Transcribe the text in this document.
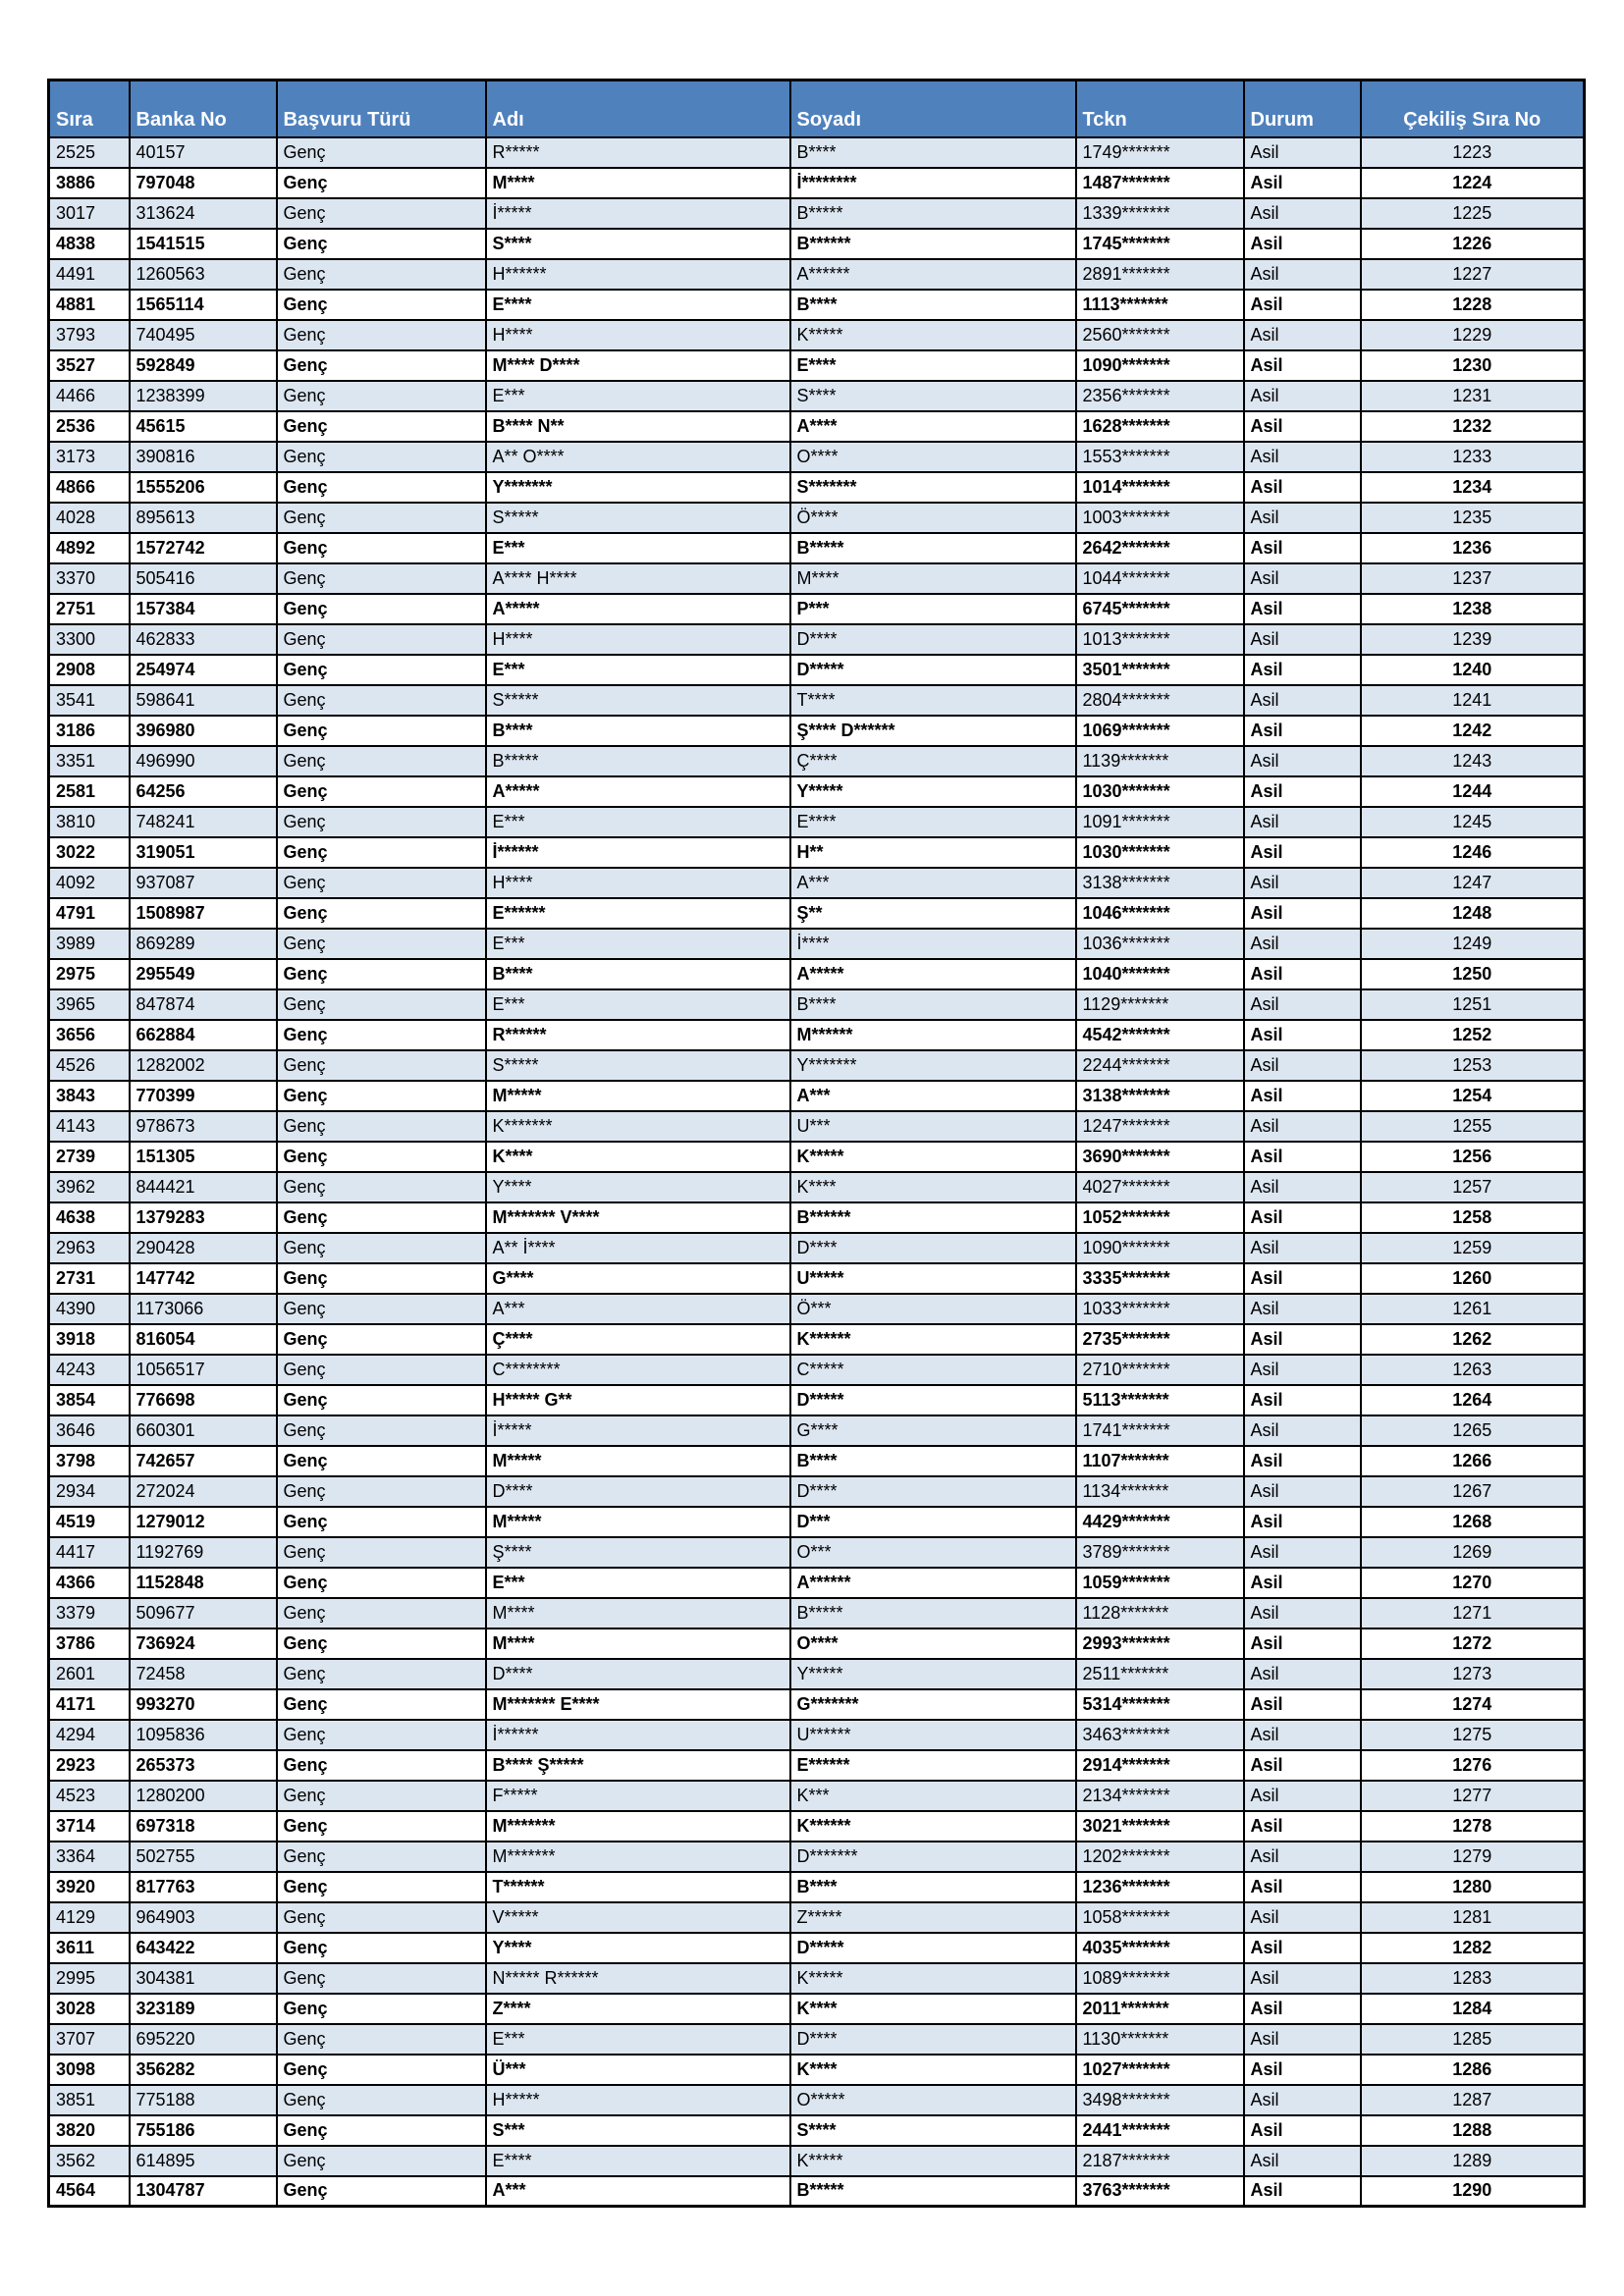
Sıra	Banka No	Başvuru Türü	Adı	Soyadı	Tckn	Durum	Çekiliş Sıra No
2525	40157	Genç	R*****	B****	1749*******	Asil	1223
3886	797048	Genç	M****	İ********	1487*******	Asil	1224
3017	313624	Genç	İ*****	B*****	1339*******	Asil	1225
4838	1541515	Genç	S****	B******	1745*******	Asil	1226
4491	1260563	Genç	H******	A******	2891*******	Asil	1227
4881	1565114	Genç	E****	B****	1113*******	Asil	1228
3793	740495	Genç	H****	K*****	2560*******	Asil	1229
3527	592849	Genç	M**** D****	E****	1090*******	Asil	1230
4466	1238399	Genç	E***	S****	2356*******	Asil	1231
2536	45615	Genç	B**** N**	A****	1628*******	Asil	1232
3173	390816	Genç	A** O****	O****	1553*******	Asil	1233
4866	1555206	Genç	Y*******	S*******	1014*******	Asil	1234
4028	895613	Genç	S*****	Ö****	1003*******	Asil	1235
4892	1572742	Genç	E***	B*****	2642*******	Asil	1236
3370	505416	Genç	A**** H****	M****	1044*******	Asil	1237
2751	157384	Genç	A*****	P***	6745*******	Asil	1238
3300	462833	Genç	H****	D****	1013*******	Asil	1239
2908	254974	Genç	E***	D*****	3501*******	Asil	1240
3541	598641	Genç	S*****	T****	2804*******	Asil	1241
3186	396980	Genç	B****	Ş**** D******	1069*******	Asil	1242
3351	496990	Genç	B*****	Ç****	1139*******	Asil	1243
2581	64256	Genç	A*****	Y*****	1030*******	Asil	1244
3810	748241	Genç	E***	E****	1091*******	Asil	1245
3022	319051	Genç	İ******	H**	1030*******	Asil	1246
4092	937087	Genç	H****	A***	3138*******	Asil	1247
4791	1508987	Genç	E******	Ş**	1046*******	Asil	1248
3989	869289	Genç	E***	İ****	1036*******	Asil	1249
2975	295549	Genç	B****	A*****	1040*******	Asil	1250
3965	847874	Genç	E***	B****	1129*******	Asil	1251
3656	662884	Genç	R******	M******	4542*******	Asil	1252
4526	1282002	Genç	S*****	Y*******	2244*******	Asil	1253
3843	770399	Genç	M*****	A***	3138*******	Asil	1254
4143	978673	Genç	K*******	U***	1247*******	Asil	1255
2739	151305	Genç	K****	K*****	3690*******	Asil	1256
3962	844421	Genç	Y****	K****	4027*******	Asil	1257
4638	1379283	Genç	M******* V****	B******	1052*******	Asil	1258
2963	290428	Genç	A** İ****	D****	1090*******	Asil	1259
2731	147742	Genç	G****	U*****	3335*******	Asil	1260
4390	1173066	Genç	A***	Ö***	1033*******	Asil	1261
3918	816054	Genç	Ç****	K******	2735*******	Asil	1262
4243	1056517	Genç	C********	C*****	2710*******	Asil	1263
3854	776698	Genç	H***** G**	D*****	5113*******	Asil	1264
3646	660301	Genç	İ*****	G****	1741*******	Asil	1265
3798	742657	Genç	M*****	B****	1107*******	Asil	1266
2934	272024	Genç	D****	D****	1134*******	Asil	1267
4519	1279012	Genç	M*****	D***	4429*******	Asil	1268
4417	1192769	Genç	Ş****	O***	3789*******	Asil	1269
4366	1152848	Genç	E***	A******	1059*******	Asil	1270
3379	509677	Genç	M****	B*****	1128*******	Asil	1271
3786	736924	Genç	M****	O****	2993*******	Asil	1272
2601	72458	Genç	D****	Y*****	2511*******	Asil	1273
4171	993270	Genç	M******* E****	G*******	5314*******	Asil	1274
4294	1095836	Genç	İ******	U******	3463*******	Asil	1275
2923	265373	Genç	B**** Ş*****	E******	2914*******	Asil	1276
4523	1280200	Genç	F*****	K***	2134*******	Asil	1277
3714	697318	Genç	M*******	K******	3021*******	Asil	1278
3364	502755	Genç	M*******	D*******	1202*******	Asil	1279
3920	817763	Genç	T******	B****	1236*******	Asil	1280
4129	964903	Genç	V*****	Z*****	1058*******	Asil	1281
3611	643422	Genç	Y****	D*****	4035*******	Asil	1282
2995	304381	Genç	N***** R******	K*****	1089*******	Asil	1283
3028	323189	Genç	Z****	K****	2011*******	Asil	1284
3707	695220	Genç	E***	D****	1130*******	Asil	1285
3098	356282	Genç	Ü***	K****	1027*******	Asil	1286
3851	775188	Genç	H*****	O*****	3498*******	Asil	1287
3820	755186	Genç	S***	S****	2441*******	Asil	1288
3562	614895	Genç	E****	K*****	2187*******	Asil	1289
4564	1304787	Genç	A***	B*****	3763*******	Asil	1290
